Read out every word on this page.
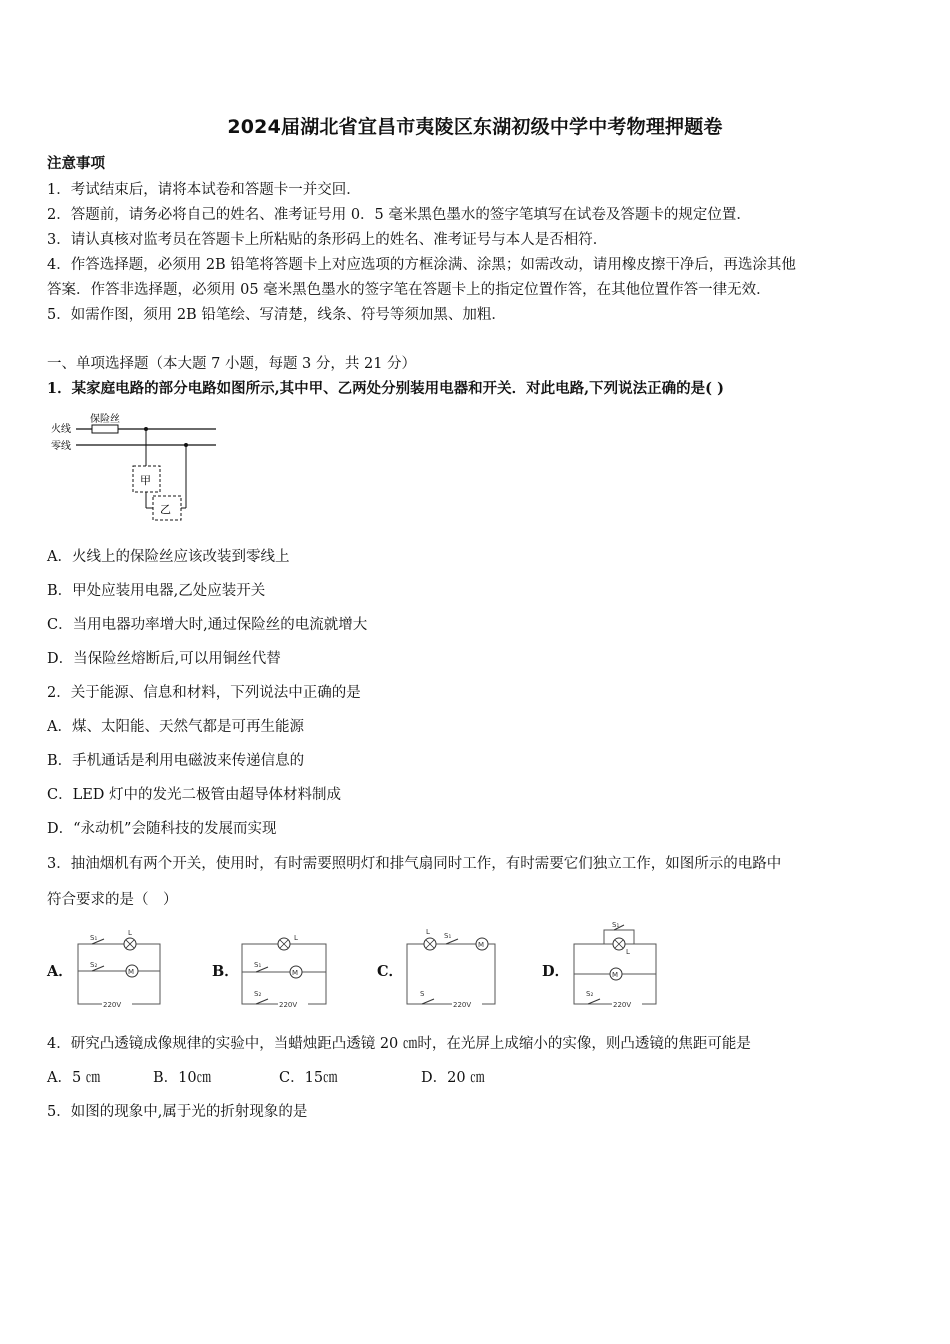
2024届湖北省宜昌市夷陵区东湖初级中学中考物理押题卷
注意事项
1．考试结束后，请将本试卷和答题卡一并交回．
2．答题前，请务必将自己的姓名、准考证号用 0．5 毫米黑色墨水的签字笔填写在试卷及答题卡的规定位置．
3．请认真核对监考员在答题卡上所粘贴的条形码上的姓名、准考证号与本人是否相符．
4．作答选择题，必须用 2B 铅笔将答题卡上对应选项的方框涂满、涂黑；如需改动，请用橡皮擦干净后，再选涂其他
答案．作答非选择题，必须用 05 毫米黑色墨水的签字笔在答题卡上的指定位置作答，在其他位置作答一律无效．
5．如需作图，须用 2B 铅笔绘、写清楚，线条、符号等须加黑、加粗．
一、单项选择题（本大题 7 小题，每题 3 分，共 21 分）
1．某家庭电路的部分电路如图所示,其中甲、乙两处分别装用电器和开关．对此电路,下列说法正确的是( )
火线
零线
保险丝
甲
乙
A．火线上的保险丝应该改装到零线上
B．甲处应装用电器,乙处应装开关
C．当用电器功率增大时,通过保险丝的电流就增大
D．当保险丝熔断后,可以用铜丝代替
2．关于能源、信息和材料，下列说法中正确的是
A．煤、太阳能、天然气都是可再生能源
B．手机通话是利用电磁波来传递信息的
C．LED 灯中的发光二极管由超导体材料制成
D．“永动机”会随科技的发展而实现
3．抽油烟机有两个开关，使用时，有时需要照明灯和排气扇同时工作，有时需要它们独立工作，如图所示的电路中
符合要求的是（　）
A．	B．	C．	D．
S₁
L
S₂
M
220V
L
S₁
M
S₂
220V
L S₁
M
S
220V
S₁
L
M
S₂
220V
4．研究凸透镜成像规律的实验中，当蜡烛距凸透镜 20 ㎝时，在光屏上成缩小的实像，则凸透镜的焦距可能是
A．5 ㎝	B．10㎝	C．15㎝	D．20 ㎝
5．如图的现象中,属于光的折射现象的是
